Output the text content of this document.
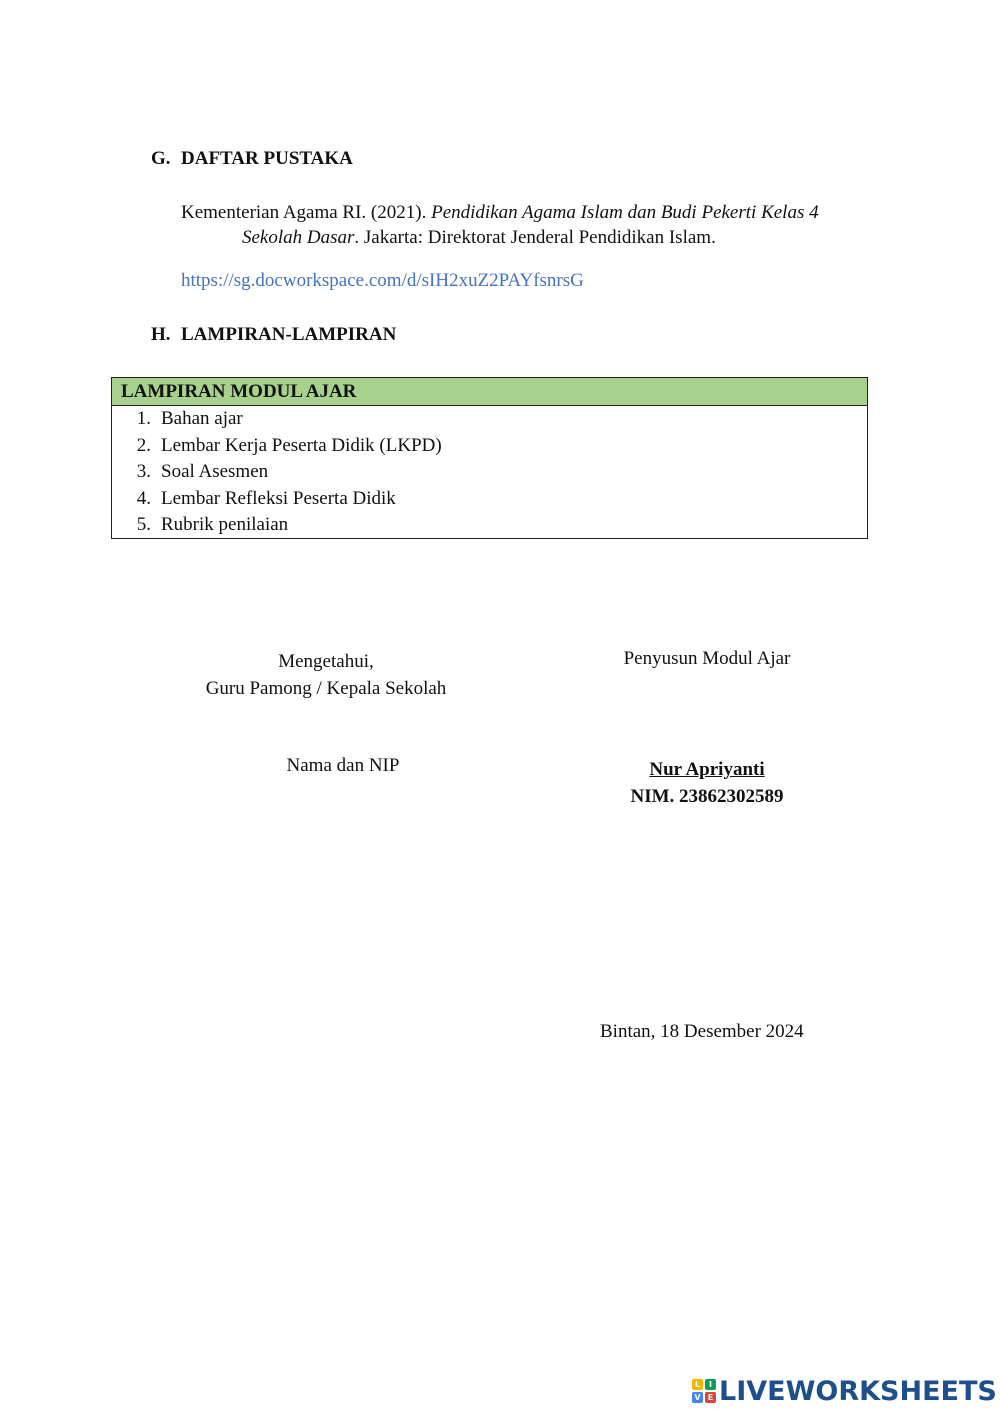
G. DAFTAR PUSTAKA
Kementerian Agama RI. (2021). Pendidikan Agama Islam dan Budi Pekerti Kelas 4
Sekolah Dasar. Jakarta: Direktorat Jenderal Pendidikan Islam.
https://sg.docworkspace.com/d/sIH2xuZ2PAYfsnrsG
H. LAMPIRAN-LAMPIRAN
LAMPIRAN MODUL AJAR
1. Bahan ajar
2. Lembar Kerja Peserta Didik (LKPD)
3. Soal Asesmen
4. Lembar Refleksi Peserta Didik
5. Rubrik penilaian
Mengetahui,
Guru Pamong / Kepala Sekolah
Nama dan NIP
Penyusun Modul Ajar
Nur Apriyanti
NIM. 23862302589
Bintan, 18 Desember 2024
L	I
V E LIVEWORKSHEETS
